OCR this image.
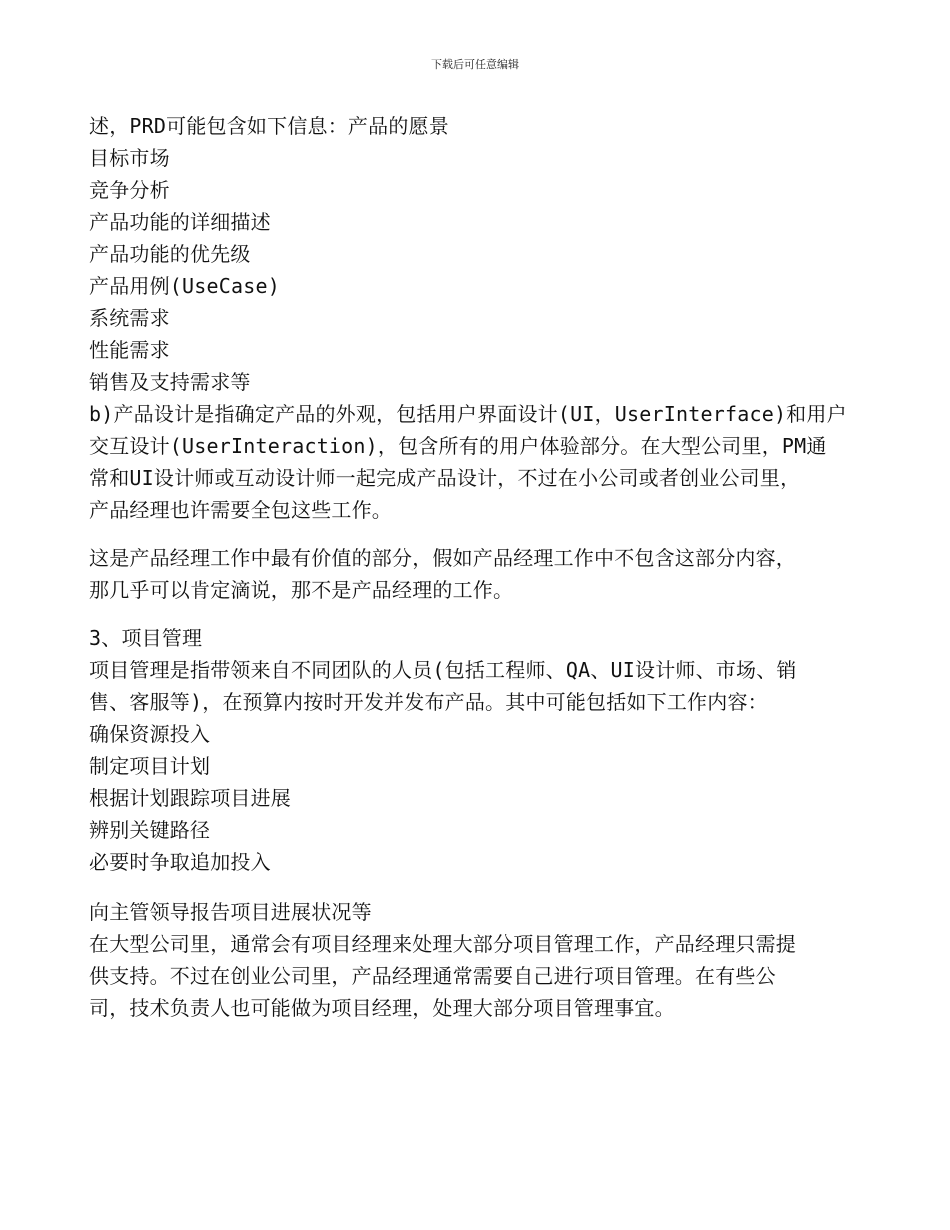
下载后可任意编辑
述，PRD可能包含如下信息：产品的愿景
目标市场
竞争分析
产品功能的详细描述
产品功能的优先级
产品用例(UseCase)
系统需求
性能需求
销售及支持需求等
b)产品设计是指确定产品的外观，包括用户界面设计(UI，UserInterface)和用户
交互设计(UserInteraction)，包含所有的用户体验部分。在大型公司里，PM通
常和UI设计师或互动设计师一起完成产品设计，不过在小公司或者创业公司里，
产品经理也许需要全包这些工作。
这是产品经理工作中最有价值的部分，假如产品经理工作中不包含这部分内容，
那几乎可以肯定滴说，那不是产品经理的工作。
3、项目管理
项目管理是指带领来自不同团队的人员(包括工程师、QA、UI设计师、市场、销
售、客服等)，在预算内按时开发并发布产品。其中可能包括如下工作内容：
确保资源投入
制定项目计划
根据计划跟踪项目进展
辨别关键路径
必要时争取追加投入
向主管领导报告项目进展状况等
在大型公司里，通常会有项目经理来处理大部分项目管理工作，产品经理只需提
供支持。不过在创业公司里，产品经理通常需要自己进行项目管理。在有些公
司，技术负责人也可能做为项目经理，处理大部分项目管理事宜。
